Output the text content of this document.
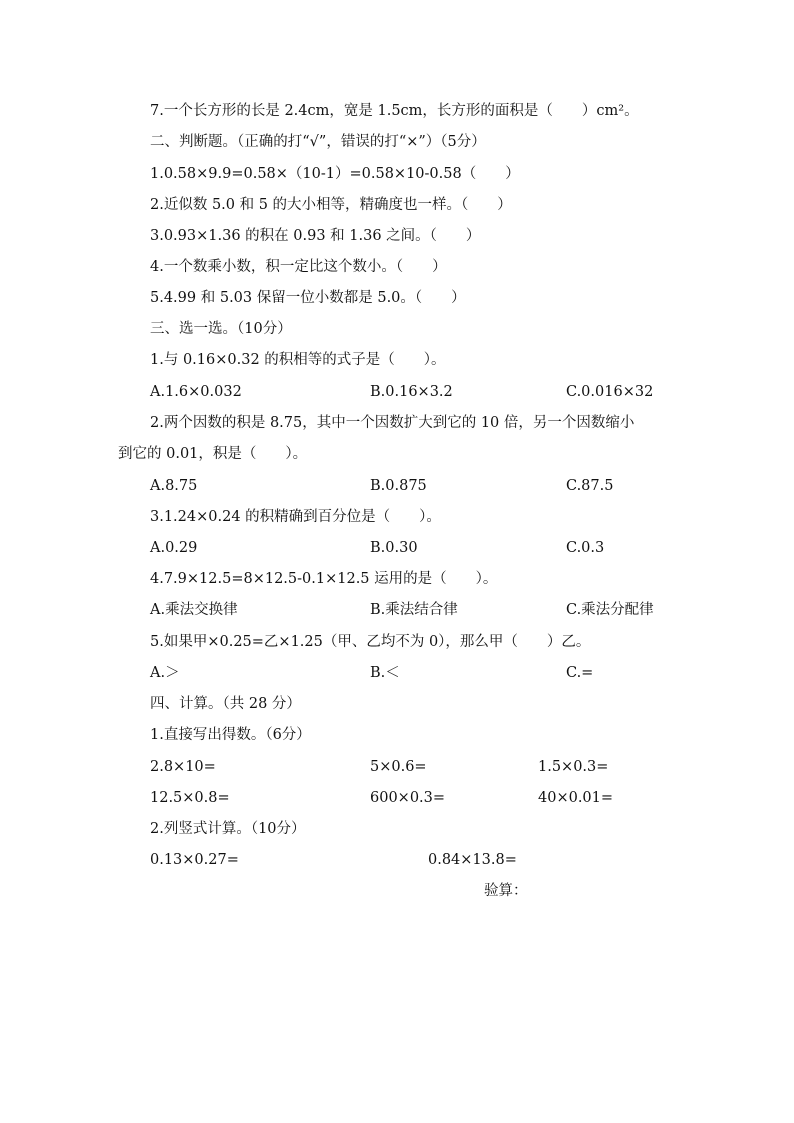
7.一个长方形的长是 2.4cm，宽是 1.5cm，长方形的面积是（　　）cm²。
二、判断题。（正确的打“√”，错误的打“×”）（5分）
1.0.58×9.9=0.58×（10-1）=0.58×10-0.58（　　）
2.近似数 5.0 和 5 的大小相等，精确度也一样。（　　）
3.0.93×1.36 的积在 0.93 和 1.36 之间。（　　）
4.一个数乘小数，积一定比这个数小。（　　）
5.4.99 和 5.03 保留一位小数都是 5.0。（　　）
三、选一选。（10分）
1.与 0.16×0.32 的积相等的式子是（　　）。
A.1.6×0.032	B.0.16×3.2	C.0.016×32
2.两个因数的积是 8.75，其中一个因数扩大到它的 10 倍，另一个因数缩小
到它的 0.01，积是（　　）。
A.8.75	B.0.875	C.87.5
3.1.24×0.24 的积精确到百分位是（　　）。
A.0.29	B.0.30	C.0.3
4.7.9×12.5=8×12.5-0.1×12.5 运用的是（　　）。
A.乘法交换律	B.乘法结合律	C.乘法分配律
5.如果甲×0.25=乙×1.25（甲、乙均不为 0），那么甲（　　）乙。
A.＞	B.＜	C.=
四、计算。（共 28 分）
1.直接写出得数。（6分）
2.8×10=	5×0.6=	1.5×0.3=
12.5×0.8=	600×0.3=	40×0.01=
2.列竖式计算。（10分）
0.13×0.27=	0.84×13.8=
验算：
